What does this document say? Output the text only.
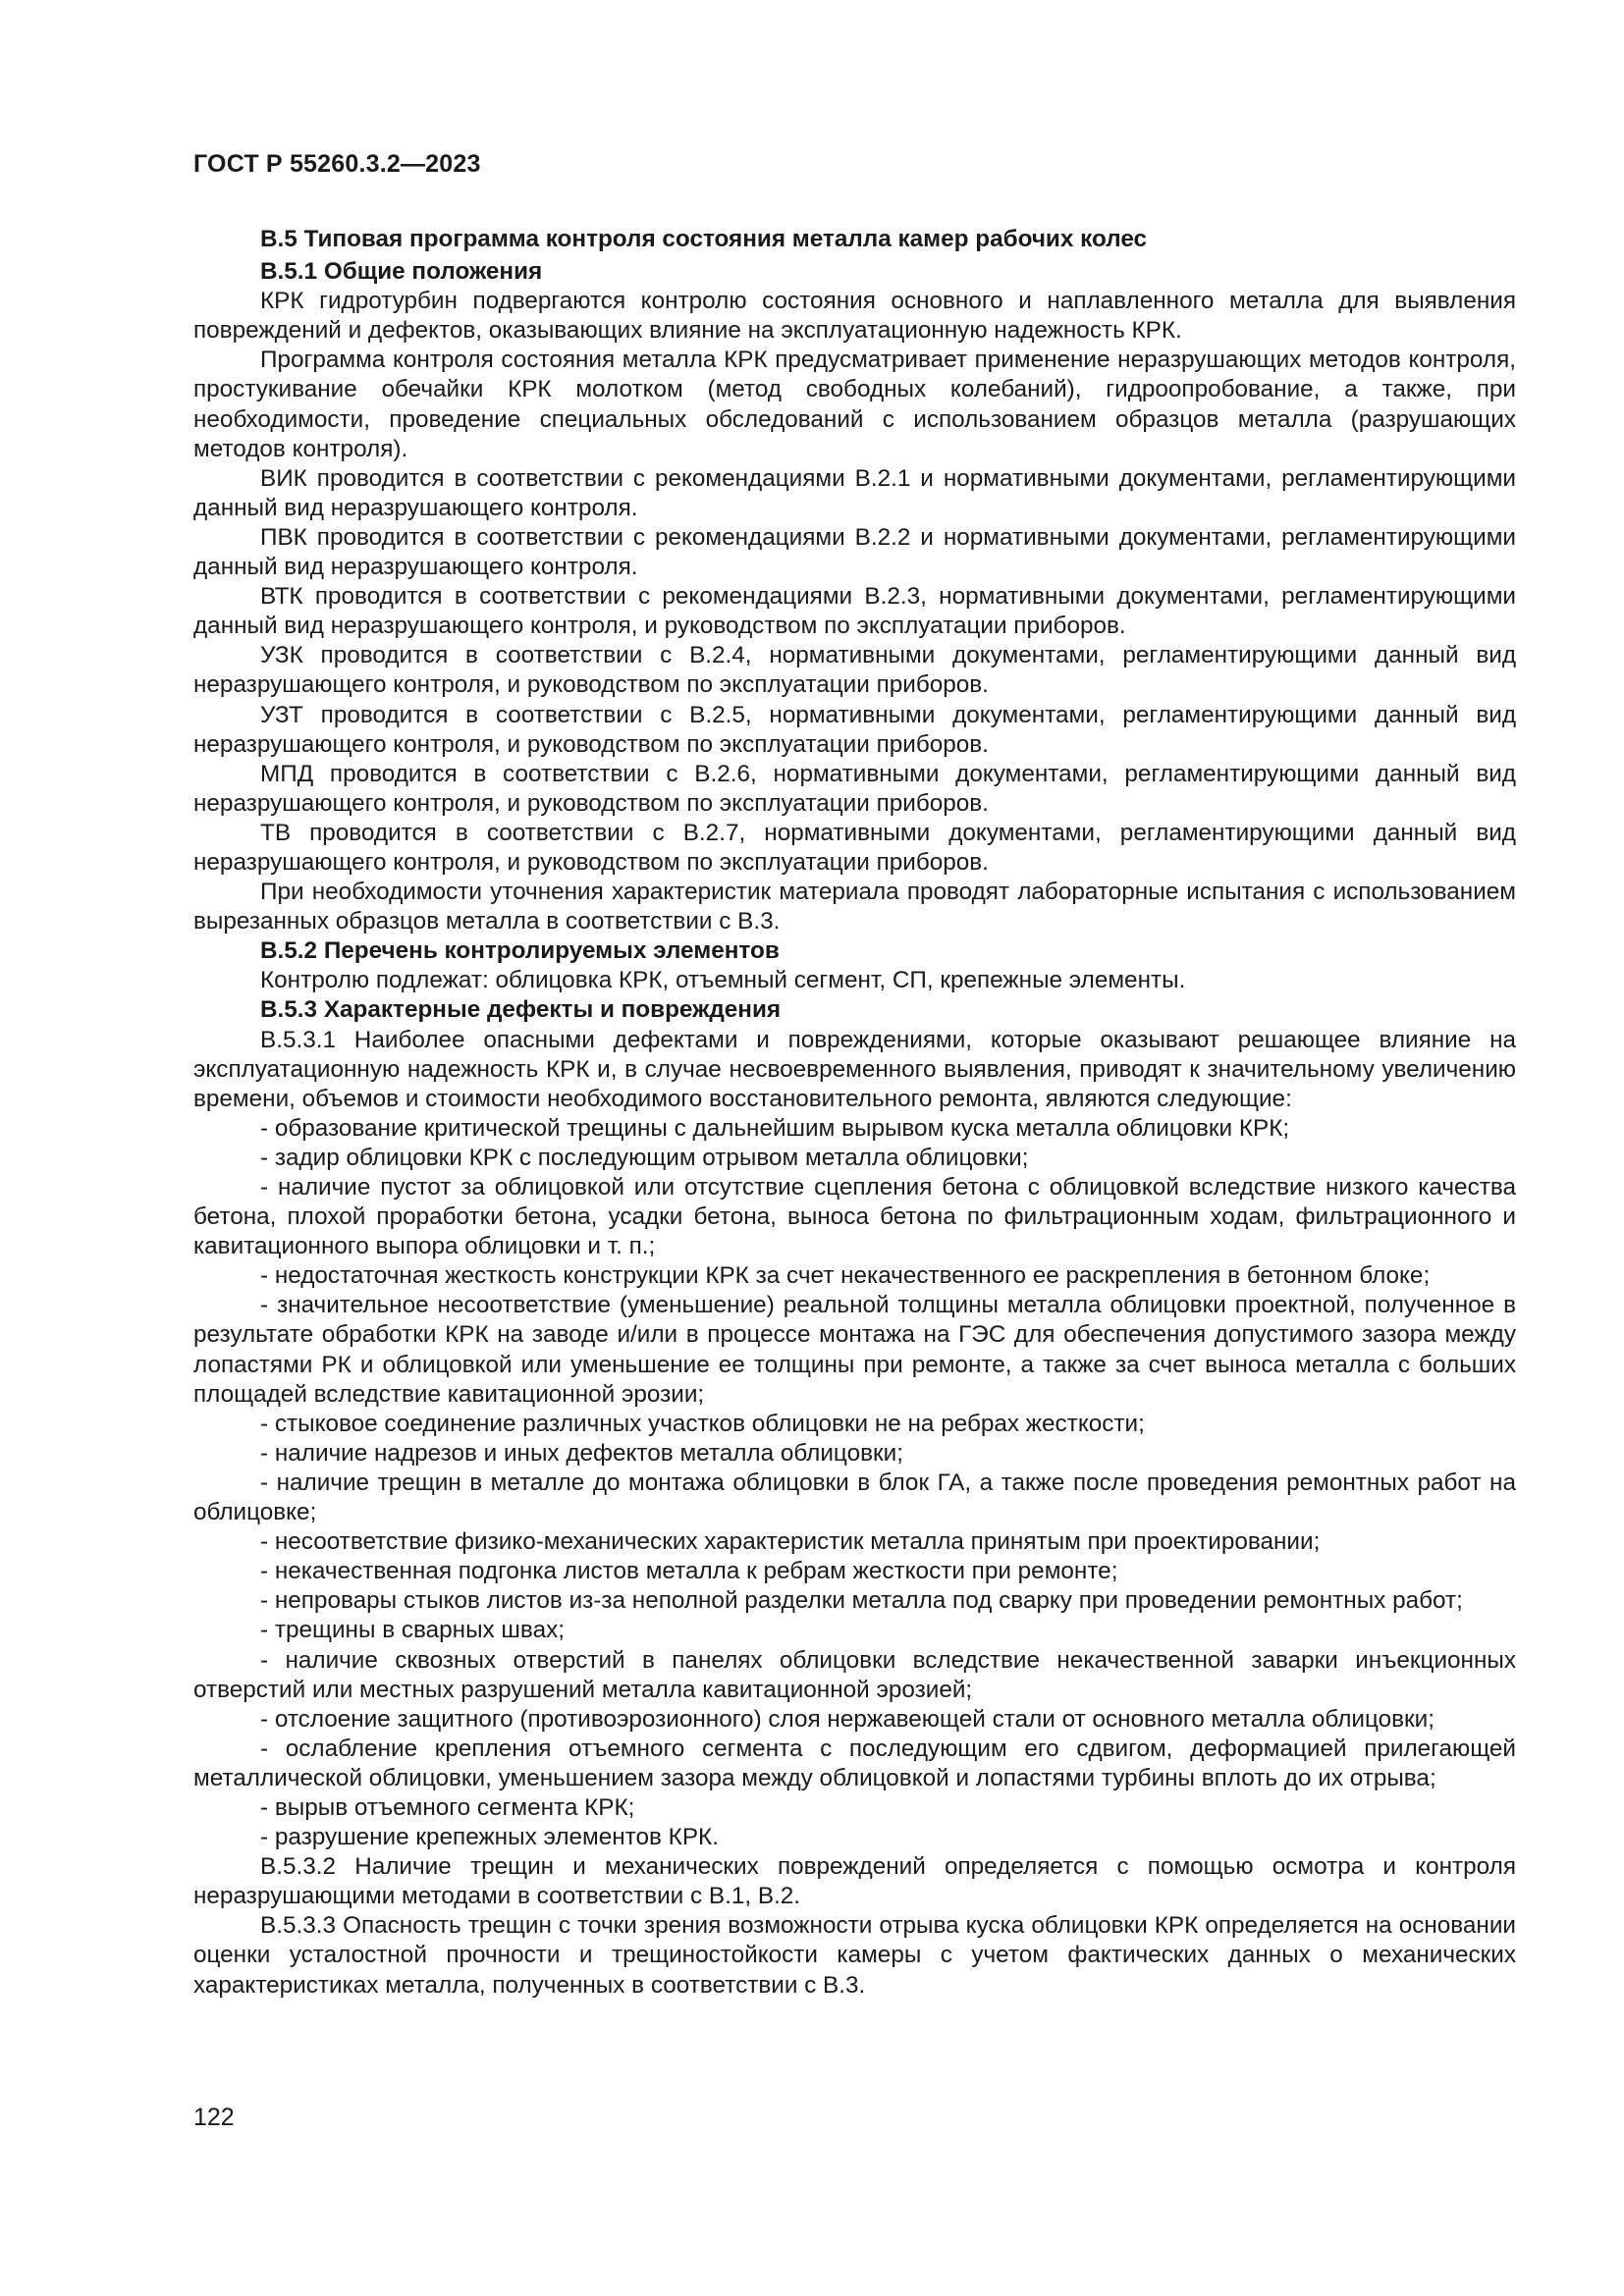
ГОСТ Р 55260.3.2—2023

В.5 Типовая программа контроля состояния металла камер рабочих колес

В.5.1 Общие положения

КРК гидротурбин подвергаются контролю состояния основного и наплавленного металла для выявления повреждений и дефектов, оказывающих влияние на эксплуатационную надежность КРК.

Программа контроля состояния металла КРК предусматривает применение неразрушающих методов контроля, простукивание обечайки КРК молотком (метод свободных колебаний), гидроопробование, а также, при необходимости, проведение специальных обследований с использованием образцов металла (разрушающих методов контроля).

ВИК проводится в соответствии с рекомендациями В.2.1 и нормативными документами, регламентирующими данный вид неразрушающего контроля.

ПВК проводится в соответствии с рекомендациями В.2.2 и нормативными документами, регламентирующими данный вид неразрушающего контроля.

ВТК проводится в соответствии с рекомендациями В.2.3, нормативными документами, регламентирующими данный вид неразрушающего контроля, и руководством по эксплуатации приборов.

УЗК проводится в соответствии с В.2.4, нормативными документами, регламентирующими данный вид неразрушающего контроля, и руководством по эксплуатации приборов.

УЗТ проводится в соответствии с В.2.5, нормативными документами, регламентирующими данный вид неразрушающего контроля, и руководством по эксплуатации приборов.

МПД проводится в соответствии с В.2.6, нормативными документами, регламентирующими данный вид неразрушающего контроля, и руководством по эксплуатации приборов.

ТВ проводится в соответствии с В.2.7, нормативными документами, регламентирующими данный вид неразрушающего контроля, и руководством по эксплуатации приборов.

При необходимости уточнения характеристик материала проводят лабораторные испытания с использованием вырезанных образцов металла в соответствии с В.3.

В.5.2 Перечень контролируемых элементов

Контролю подлежат: облицовка КРК, отъемный сегмент, СП, крепежные элементы.

В.5.3 Характерные дефекты и повреждения

В.5.3.1 Наиболее опасными дефектами и повреждениями, которые оказывают решающее влияние на эксплуатационную надежность КРК и, в случае несвоевременного выявления, приводят к значительному увеличению времени, объемов и стоимости необходимого восстановительного ремонта, являются следующие:

- образование критической трещины с дальнейшим вырывом куска металла облицовки КРК;

- задир облицовки КРК с последующим отрывом металла облицовки;

- наличие пустот за облицовкой или отсутствие сцепления бетона с облицовкой вследствие низкого качества бетона, плохой проработки бетона, усадки бетона, выноса бетона по фильтрационным ходам, фильтрационного и кавитационного выпора облицовки и т. п.;

- недостаточная жесткость конструкции КРК за счет некачественного ее раскрепления в бетонном блоке;

- значительное несоответствие (уменьшение) реальной толщины металла облицовки проектной, полученное в результате обработки КРК на заводе и/или в процессе монтажа на ГЭС для обеспечения допустимого зазора между лопастями РК и облицовкой или уменьшение ее толщины при ремонте, а также за счет выноса металла с больших площадей вследствие кавитационной эрозии;

- стыковое соединение различных участков облицовки не на ребрах жесткости;

- наличие надрезов и иных дефектов металла облицовки;

- наличие трещин в металле до монтажа облицовки в блок ГА, а также после проведения ремонтных работ на облицовке;

- несоответствие физико-механических характеристик металла принятым при проектировании;

- некачественная подгонка листов металла к ребрам жесткости при ремонте;

- непровары стыков листов из-за неполной разделки металла под сварку при проведении ремонтных работ;

- трещины в сварных швах;

- наличие сквозных отверстий в панелях облицовки вследствие некачественной заварки инъекционных отверстий или местных разрушений металла кавитационной эрозией;

- отслоение защитного (противоэрозионного) слоя нержавеющей стали от основного металла облицовки;

- ослабление крепления отъемного сегмента с последующим его сдвигом, деформацией прилегающей металлической облицовки, уменьшением зазора между облицовкой и лопастями турбины вплоть до их отрыва;

- вырыв отъемного сегмента КРК;

- разрушение крепежных элементов КРК.

В.5.3.2 Наличие трещин и механических повреждений определяется с помощью осмотра и контроля неразрушающими методами в соответствии с В.1, В.2.

В.5.3.3 Опасность трещин с точки зрения возможности отрыва куска облицовки КРК определяется на основании оценки усталостной прочности и трещиностойкости камеры с учетом фактических данных о механических характеристиках металла, полученных в соответствии с В.3.

122
